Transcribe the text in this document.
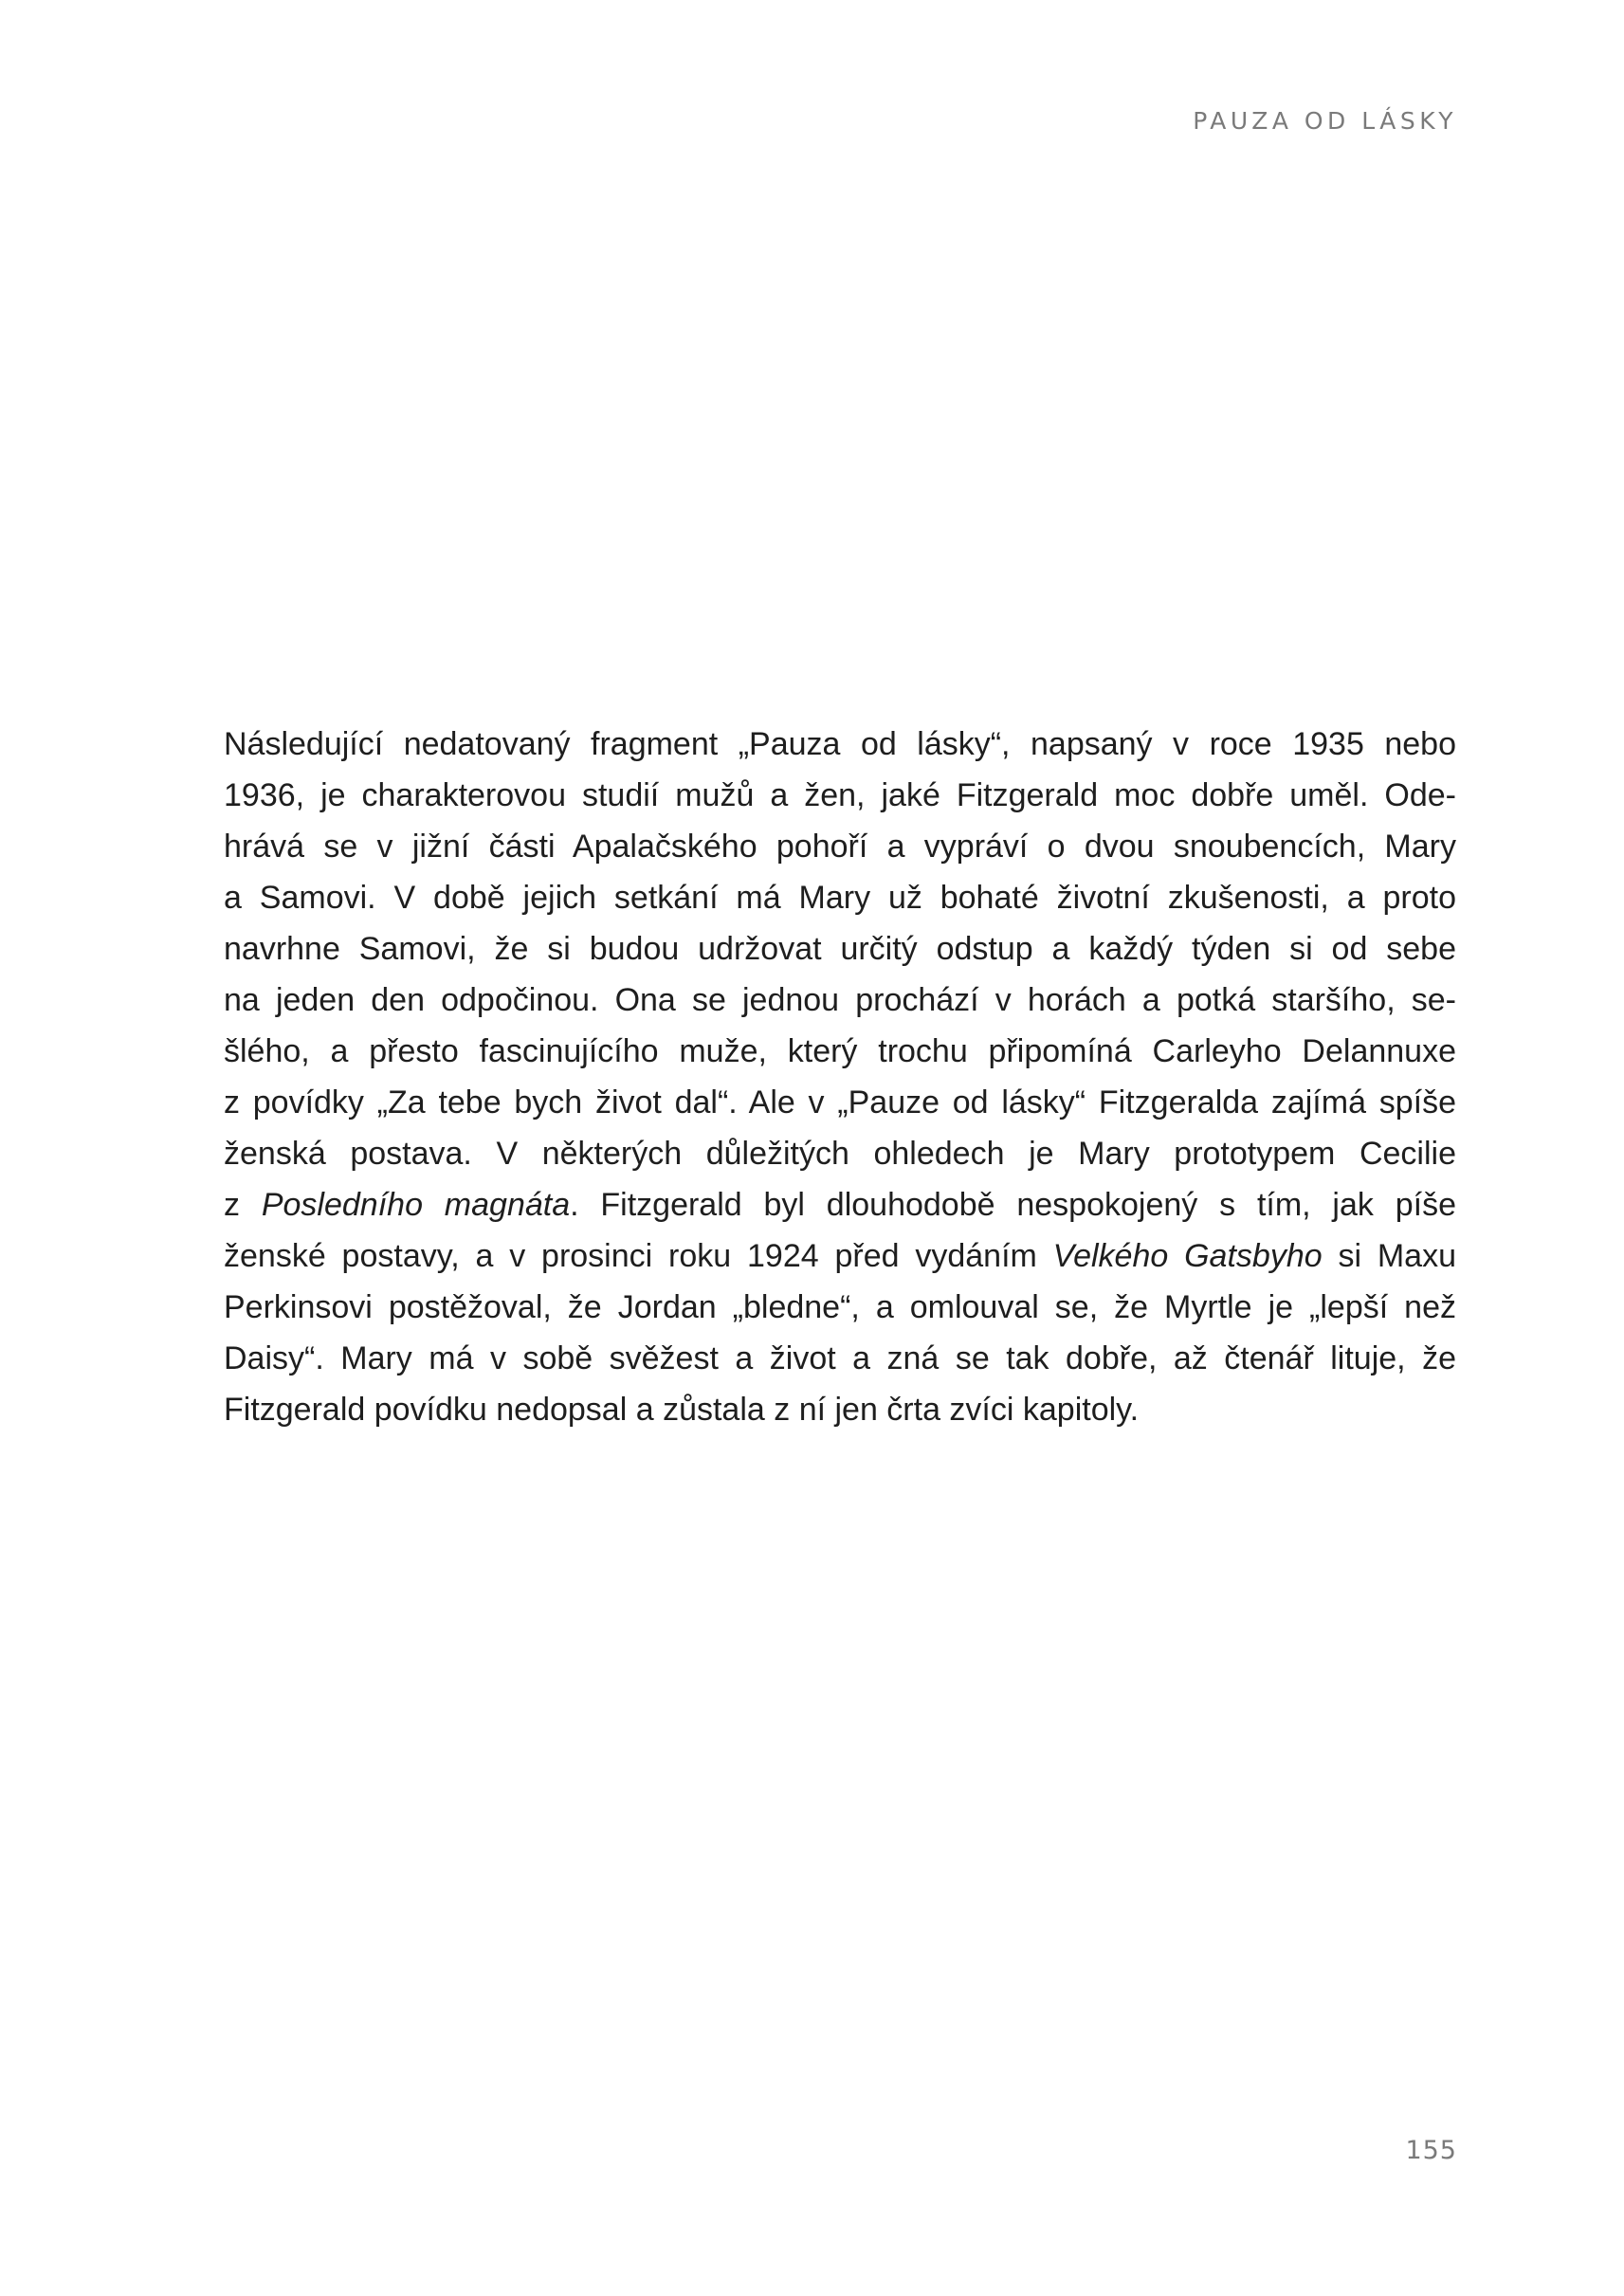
PAUZA OD LÁSKY
Následující nedatovaný fragment „Pauza od lásky“, napsaný v roce 1935 nebo
1936, je charakterovou studií mužů a žen, jaké Fitzgerald moc dobře uměl. Ode-
hrává se v jižní části Apalačského pohoří a vypráví o dvou snoubencích, Mary
a Samovi. V době jejich setkání má Mary už bohaté životní zkušenosti, a proto
navrhne Samovi, že si budou udržovat určitý odstup a každý týden si od sebe
na jeden den odpočinou. Ona se jednou prochází v horách a potká staršího, se-
šlého, a přesto fascinujícího muže, který trochu připomíná Carleyho Delannuxe
z povídky „Za tebe bych život dal“. Ale v „Pauze od lásky“ Fitzgeralda zajímá spíše
ženská postava. V některých důležitých ohledech je Mary prototypem Cecilie
z Posledního magnáta. Fitzgerald byl dlouhodobě nespokojený s tím, jak píše
ženské postavy, a v prosinci roku 1924 před vydáním Velkého Gatsbyho si Maxu
Perkinsovi postěžoval, že Jordan „bledne“, a omlouval se, že Myrtle je „lepší než
Daisy“. Mary má v sobě svěžest a život a zná se tak dobře, až čtenář lituje, že
Fitzgerald povídku nedopsal a zůstala z ní jen črta zvíci kapitoly.
155
